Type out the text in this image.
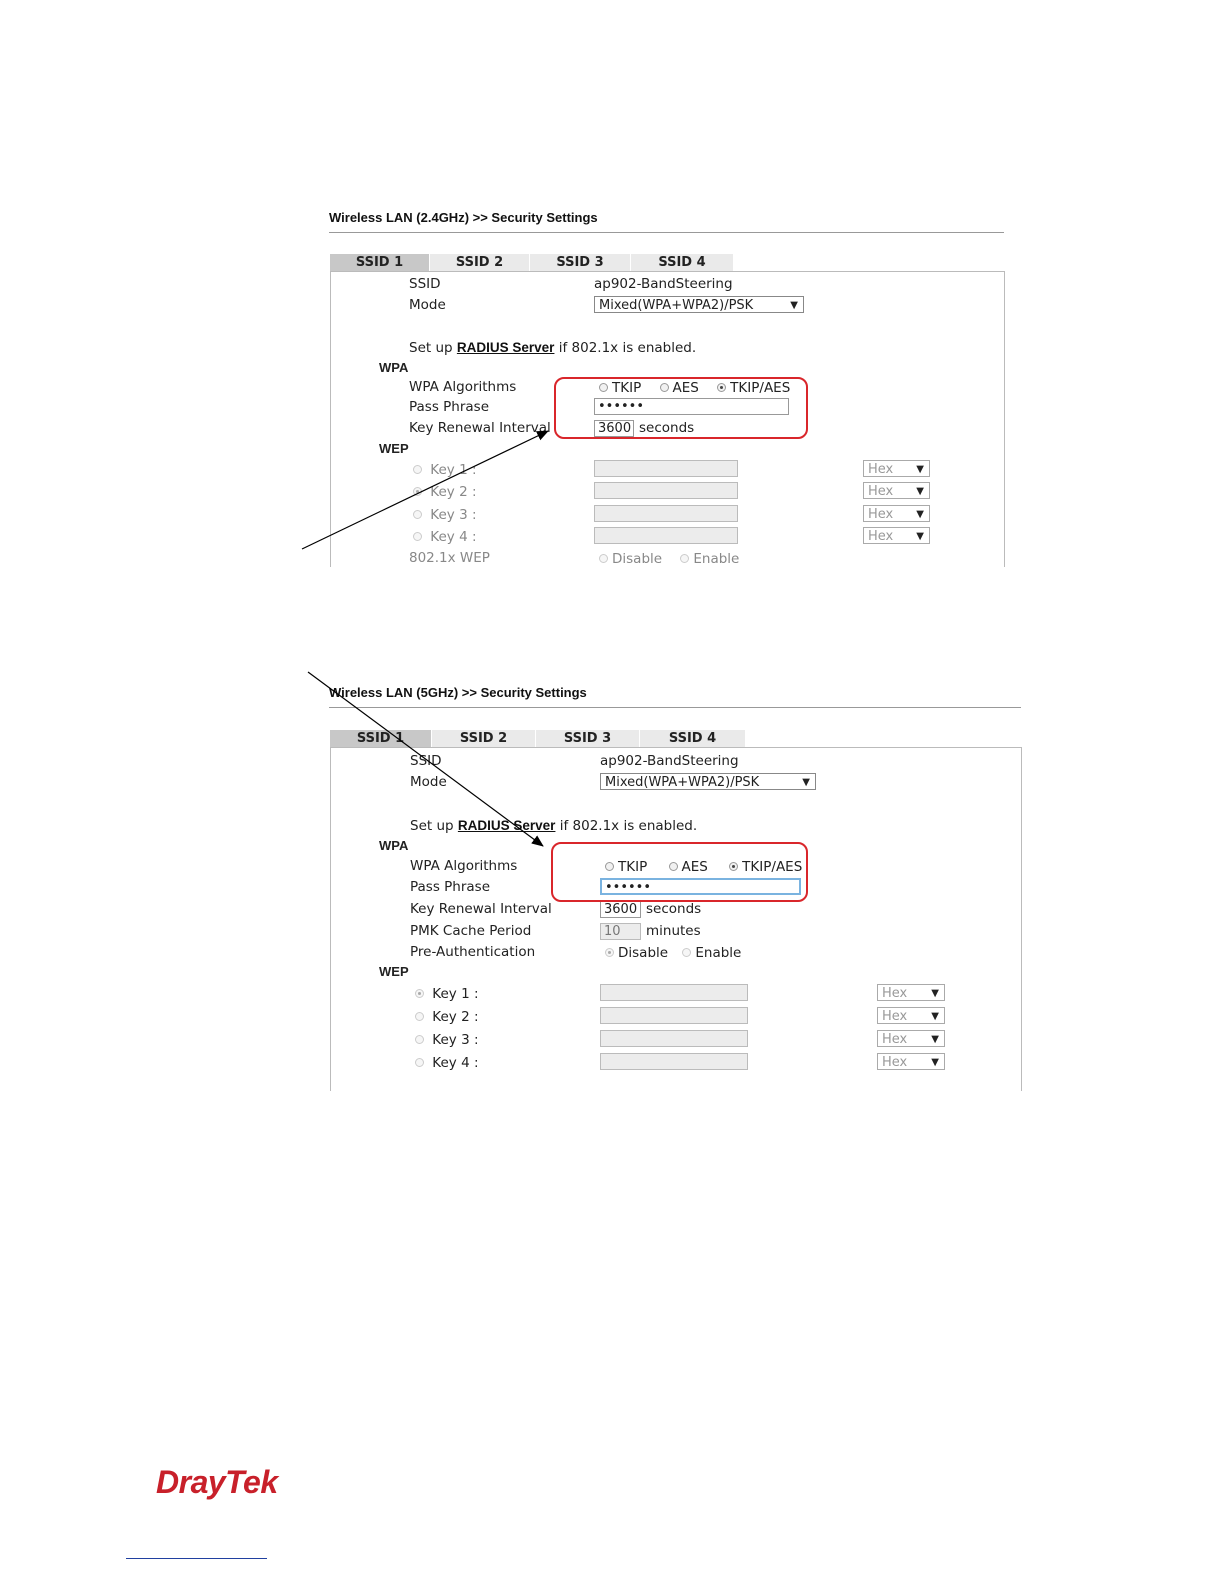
Wireless LAN (2.4GHz) >> Security Settings
SSID 1	SSID 2	SSID 3	SSID 4
SSID	ap902-BandSteering
Mode	Mixed(WPA+WPA2)/PSK	▼
Set up RADIUS Server if 802.1x is enabled.
WPA
WPA Algorithms	TKIP AES TKIP/AES
Pass Phrase	••••••
Key Renewal Interval	3600 seconds
WEP
Key 1 :	Hex ▼
Key 2 :	Hex ▼
Key 3 :	Hex ▼
Key 4 :	Hex ▼
802.1x WEP	Disable Enable
Wireless LAN (5GHz) >> Security Settings
SSID 1	SSID 2	SSID 3	SSID 4
SSID	ap902-BandSteering
Mode	Mixed(WPA+WPA2)/PSK	▼
Set up RADIUS Server if 802.1x is enabled.
WPA
WPA Algorithms	TKIP	AES	TKIP/AES
Pass Phrase	••••••
Key Renewal Interval	3600 seconds
PMK Cache Period	10	minutes
Pre-Authentication	Disable Enable
WEP
Key 1 :	Hex ▼
Key 2 :	Hex ▼
Key 3 :	Hex ▼
Key 4 :	Hex ▼
DrayTek
